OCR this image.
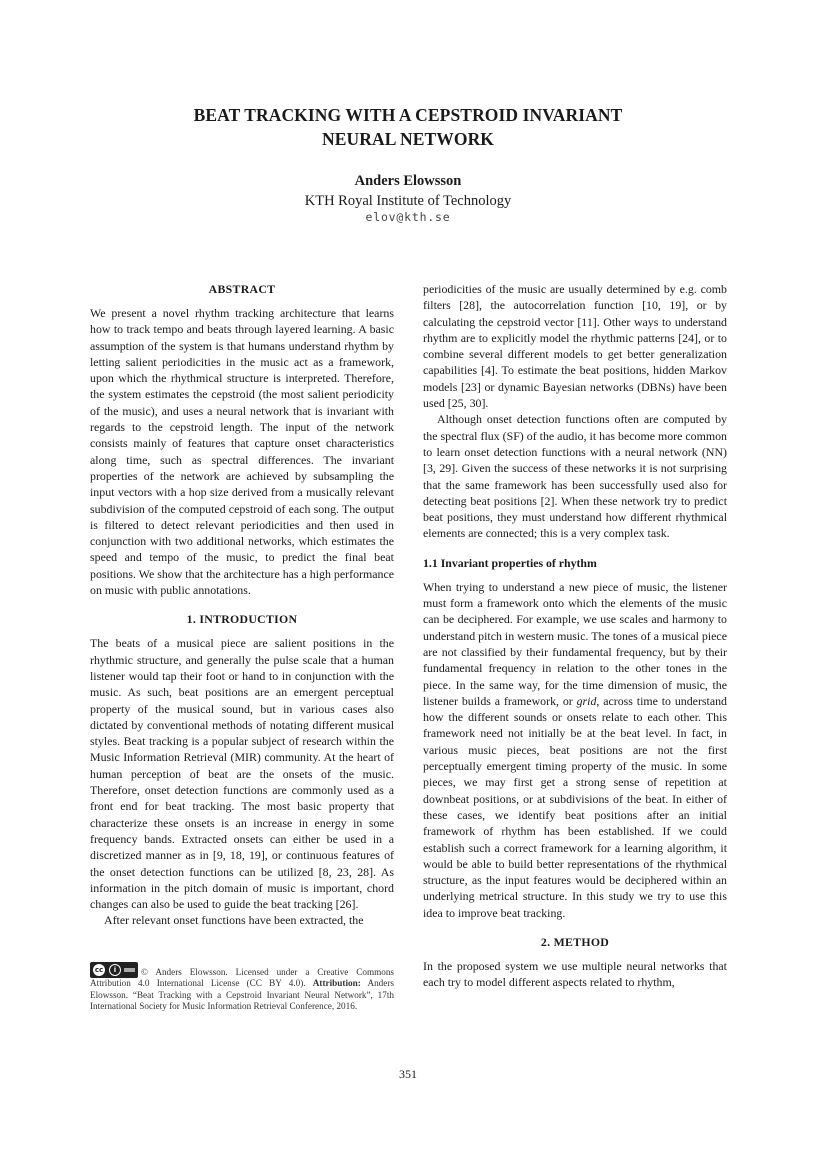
BEAT TRACKING WITH A CEPSTROID INVARIANT
NEURAL NETWORK
Anders Elowsson
KTH Royal Institute of Technology
elov@kth.se
ABSTRACT

We present a novel rhythm tracking architecture that learns how to track tempo and beats through layered learning. A basic assumption of the system is that humans understand rhythm by letting salient periodicities in the music act as a framework, upon which the rhythmical structure is interpreted. Therefore, the system estimates the cepstroid (the most salient periodicity of the music), and uses a neural network that is invariant with regards to the cepstroid length. The input of the network consists mainly of features that capture onset characteristics along time, such as spectral differences. The invariant properties of the network are achieved by subsampling the input vectors with a hop size derived from a musically relevant subdivision of the computed cepstroid of each song. The output is filtered to detect relevant periodicities and then used in conjunction with two additional networks, which estimates the speed and tempo of the music, to predict the final beat positions. We show that the architecture has a high performance on music with public annotations.

1. INTRODUCTION

The beats of a musical piece are salient positions in the rhythmic structure, and generally the pulse scale that a human listener would tap their foot or hand to in conjunction with the music. As such, beat positions are an emergent perceptual property of the musical sound, but in various cases also dictated by conventional methods of notating different musical styles. Beat tracking is a popular subject of research within the Music Information Retrieval (MIR) community. At the heart of human perception of beat are the onsets of the music. Therefore, onset detection functions are commonly used as a front end for beat tracking. The most basic property that characterize these onsets is an increase in energy in some frequency bands. Extracted onsets can either be used in a discretized manner as in [9, 18, 19], or continuous features of the onset detection functions can be utilized [8, 23, 28]. As information in the pitch domain of music is important, chord changes can also be used to guide the beat tracking [26].

After relevant onset functions have been extracted, the

periodicities of the music are usually determined by e.g. comb filters [28], the autocorrelation function [10, 19], or by calculating the cepstroid vector [11]. Other ways to understand rhythm are to explicitly model the rhythmic patterns [24], or to combine several different models to get better generalization capabilities [4]. To estimate the beat positions, hidden Markov models [23] or dynamic Bayesian networks (DBNs) have been used [25, 30].

Although onset detection functions often are computed by the spectral flux (SF) of the audio, it has become more common to learn onset detection functions with a neural network (NN) [3, 29]. Given the success of these networks it is not surprising that the same framework has been successfully used also for detecting beat positions [2]. When these network try to predict beat positions, they must understand how different rhythmical elements are connected; this is a very complex task.

1.1 Invariant properties of rhythm

When trying to understand a new piece of music, the listener must form a framework onto which the elements of the music can be deciphered. For example, we use scales and harmony to understand pitch in western music. The tones of a musical piece are not classified by their fundamental frequency, but by their fundamental frequency in relation to the other tones in the piece. In the same way, for the time dimension of music, the listener builds a framework, or grid, across time to understand how the different sounds or onsets relate to each other. This framework need not initially be at the beat level. In fact, in various music pieces, beat positions are not the first perceptually emergent timing property of the music. In some pieces, we may first get a strong sense of repetition at downbeat positions, or at subdivisions of the beat. In either of these cases, we identify beat positions after an initial framework of rhythm has been established. If we could establish such a correct framework for a learning algorithm, it would be able to build better representations of the rhythmical structure, as the input features would be deciphered within an underlying metrical structure. In this study we try to use this idea to improve beat tracking.

2. METHOD

In the proposed system we use multiple neural networks that each try to model different aspects related to rhythm,

cc	i	© Anders Elowsson. Licensed under a Creative Commons Attribution 4.0 International License (CC BY 4.0). Attribution: Anders Elowsson. “Beat Tracking with a Cepstroid Invariant Neural Network”, 17th International Society for Music Information Retrieval Conference, 2016.
351
